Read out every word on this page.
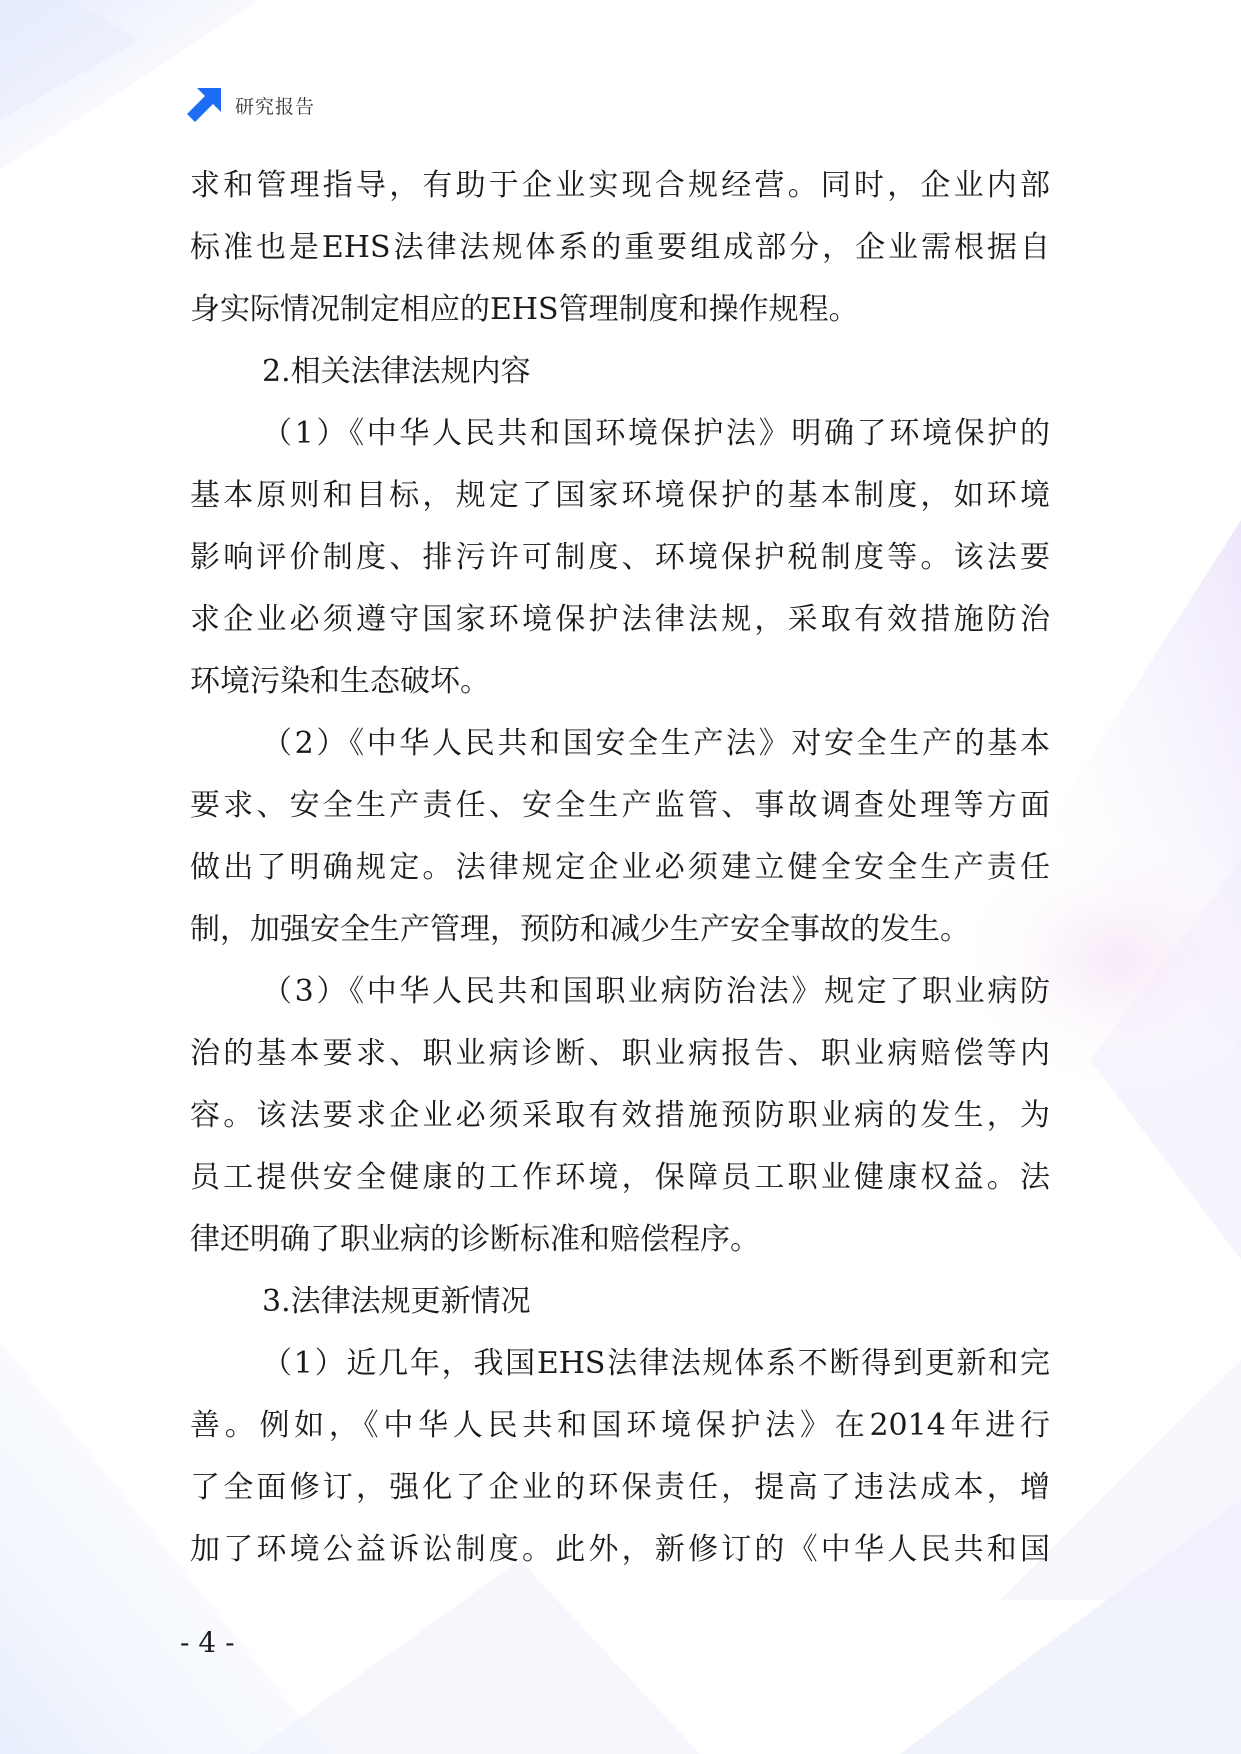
研究报告
求和管理指导，有助于企业实现合规经营。同时，企业内部
标准也是EHS法律法规体系的重要组成部分，企业需根据自
身实际情况制定相应的EHS管理制度和操作规程。
2.相关法律法规内容
（1）《中华人民共和国环境保护法》明确了环境保护的
基本原则和目标，规定了国家环境保护的基本制度，如环境
影响评价制度、排污许可制度、环境保护税制度等。该法要
求企业必须遵守国家环境保护法律法规，采取有效措施防治
环境污染和生态破坏。
（2）《中华人民共和国安全生产法》对安全生产的基本
要求、安全生产责任、安全生产监管、事故调查处理等方面
做出了明确规定。法律规定企业必须建立健全安全生产责任
制，加强安全生产管理，预防和减少生产安全事故的发生。
（3）《中华人民共和国职业病防治法》规定了职业病防
治的基本要求、职业病诊断、职业病报告、职业病赔偿等内
容。该法要求企业必须采取有效措施预防职业病的发生，为
员工提供安全健康的工作环境，保障员工职业健康权益。法
律还明确了职业病的诊断标准和赔偿程序。
3.法律法规更新情况
（1）近几年，我国EHS法律法规体系不断得到更新和完
善。例如，《中华人民共和国环境保护法》在2014年进行
了全面修订，强化了企业的环保责任，提高了违法成本，增
加了环境公益诉讼制度。此外，新修订的《中华人民共和国
- 4 -
